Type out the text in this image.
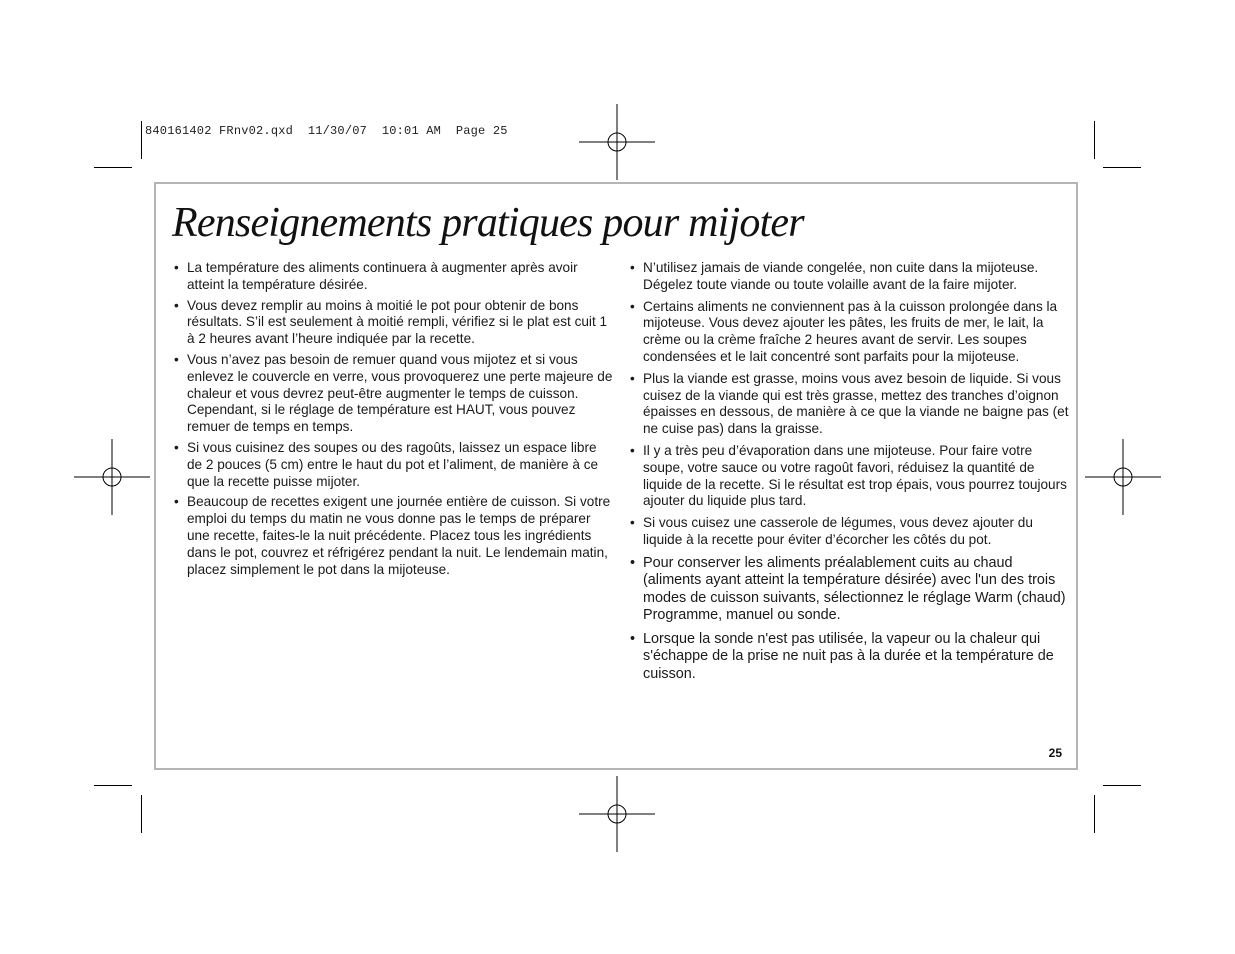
840161402 FRnv02.qxd  11/30/07  10:01 AM  Page 25
Renseignements pratiques pour mijoter
• La température des aliments continuera à augmenter après avoir atteint la température désirée.
• Vous devez remplir au moins à moitié le pot pour obtenir de bons résultats. S’il est seulement à moitié rempli, vérifiez si le plat est cuit 1 à 2 heures avant l’heure indiquée par la recette.
• Vous n’avez pas besoin de remuer quand vous mijotez et si vous enlevez le couvercle en verre, vous provoquerez une perte majeure de chaleur et vous devrez peut-être augmenter le temps de cuisson. Cependant, si le réglage de température est HAUT, vous pouvez remuer de temps en temps.
• Si vous cuisinez des soupes ou des ragoûts, laissez un espace libre de 2 pouces (5 cm) entre le haut du pot et l’aliment, de manière à ce que la recette puisse mijoter.
• Beaucoup de recettes exigent une journée entière de cuisson. Si votre emploi du temps du matin ne vous donne pas le temps de préparer une recette, faites-le la nuit précédente. Placez tous les ingrédients dans le pot, couvrez et réfrigérez pendant la nuit. Le lendemain matin, placez simplement le pot dans la mijoteuse.
• N’utilisez jamais de viande congelée, non cuite dans la mijoteuse. Dégelez toute viande ou toute volaille avant de la faire mijoter.
• Certains aliments ne conviennent pas à la cuisson prolongée dans la mijoteuse. Vous devez ajouter les pâtes, les fruits de mer, le lait, la crème ou la crème fraîche 2 heures avant de servir. Les soupes condensées et le lait concentré sont parfaits pour la mijoteuse.
• Plus la viande est grasse, moins vous avez besoin de liquide. Si vous cuisez de la viande qui est très grasse, mettez des tranches d’oignon épaisses en dessous, de manière à ce que la viande ne baigne pas (et ne cuise pas) dans la graisse.
• Il y a très peu d’évaporation dans une mijoteuse. Pour faire votre soupe, votre sauce ou votre ragoût favori, réduisez la quantité de liquide de la recette. Si le résultat est trop épais, vous pourrez toujours ajouter du liquide plus tard.
• Si vous cuisez une casserole de légumes, vous devez ajouter du liquide à la recette pour éviter d’écorcher les côtés du pot.
• Pour conserver les aliments préalablement cuits au chaud (aliments ayant atteint la température désirée) avec l'un des trois modes de cuisson suivants, sélectionnez le réglage Warm (chaud) Programme, manuel ou sonde.
• Lorsque la sonde n'est pas utilisée, la vapeur ou la chaleur qui s'échappe de la prise ne nuit pas à la durée et la température de cuisson.
25
